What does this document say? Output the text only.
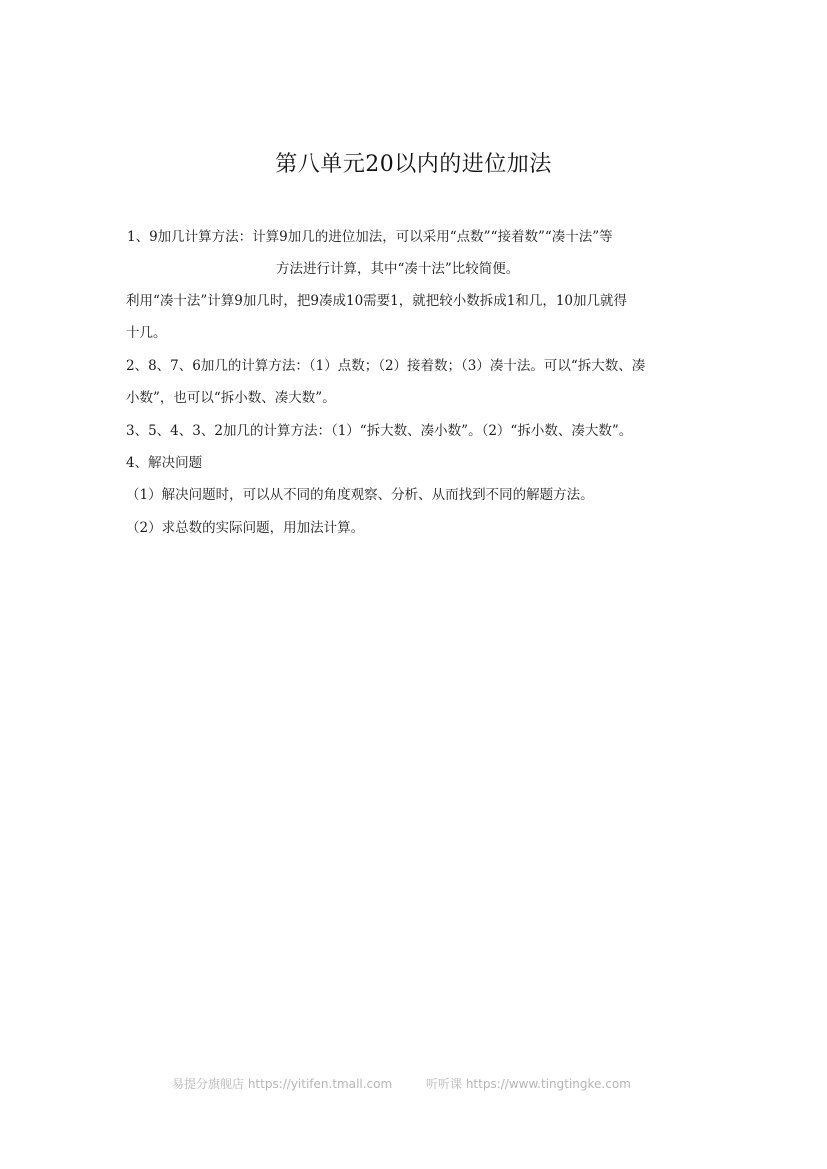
第八单元20以内的进位加法
1、9加几计算方法：计算9加几的进位加法，可以采用“点数”“接着数”“凑十法”等
方法进行计算，其中“凑十法”比较简便。
利用“凑十法”计算9加几时，把9凑成10需要1，就把较小数拆成1和几，10加几就得
十几。
2、8、7、6加几的计算方法：（1）点数；（2）接着数；（3）凑十法。可以“拆大数、凑
小数”，也可以“拆小数、凑大数”。
3、5、4、3、2加几的计算方法：（1）“拆大数、凑小数”。（2）“拆小数、凑大数”。
4、解决问题
（1）解决问题时，可以从不同的角度观察、分析、从而找到不同的解题方法。
（2）求总数的实际问题，用加法计算。
易提分旗舰店 https://yitifen.tmall.com	听听课 https://www.tingtingke.com
